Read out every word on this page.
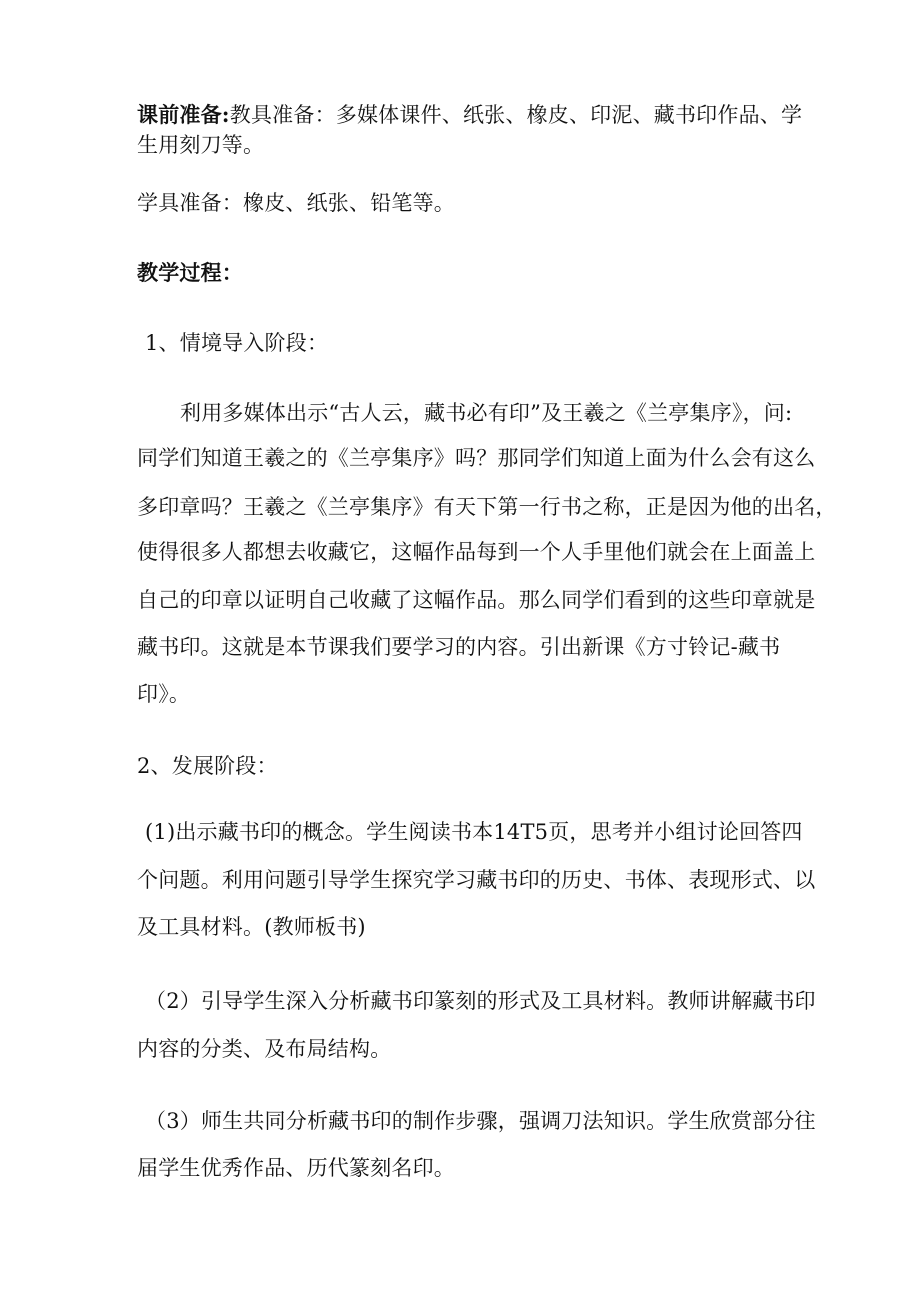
课前准备:教具准备：多媒体课件、纸张、橡皮、印泥、藏书印作品、学
生用刻刀等。
学具准备：橡皮、纸张、铅笔等。
教学过程：
1、情境导入阶段：
利用多媒体出示“古人云，藏书必有印”及王羲之《兰亭集序》，问:
同学们知道王羲之的《兰亭集序》吗？那同学们知道上面为什么会有这么
多印章吗？王羲之《兰亭集序》有天下第一行书之称，正是因为他的出名，
使得很多人都想去收藏它，这幅作品每到一个人手里他们就会在上面盖上
自己的印章以证明自己收藏了这幅作品。那么同学们看到的这些印章就是
藏书印。这就是本节课我们要学习的内容。引出新课《方寸铃记-藏书
印》。
2、发展阶段：
(1)出示藏书印的概念。学生阅读书本14T5页，思考并小组讨论回答四
个问题。利用问题引导学生探究学习藏书印的历史、书体、表现形式、以
及工具材料。(教师板书)
（2）引导学生深入分析藏书印篆刻的形式及工具材料。教师讲解藏书印
内容的分类、及布局结构。
（3）师生共同分析藏书印的制作步骤，强调刀法知识。学生欣赏部分往
届学生优秀作品、历代篆刻名印。
